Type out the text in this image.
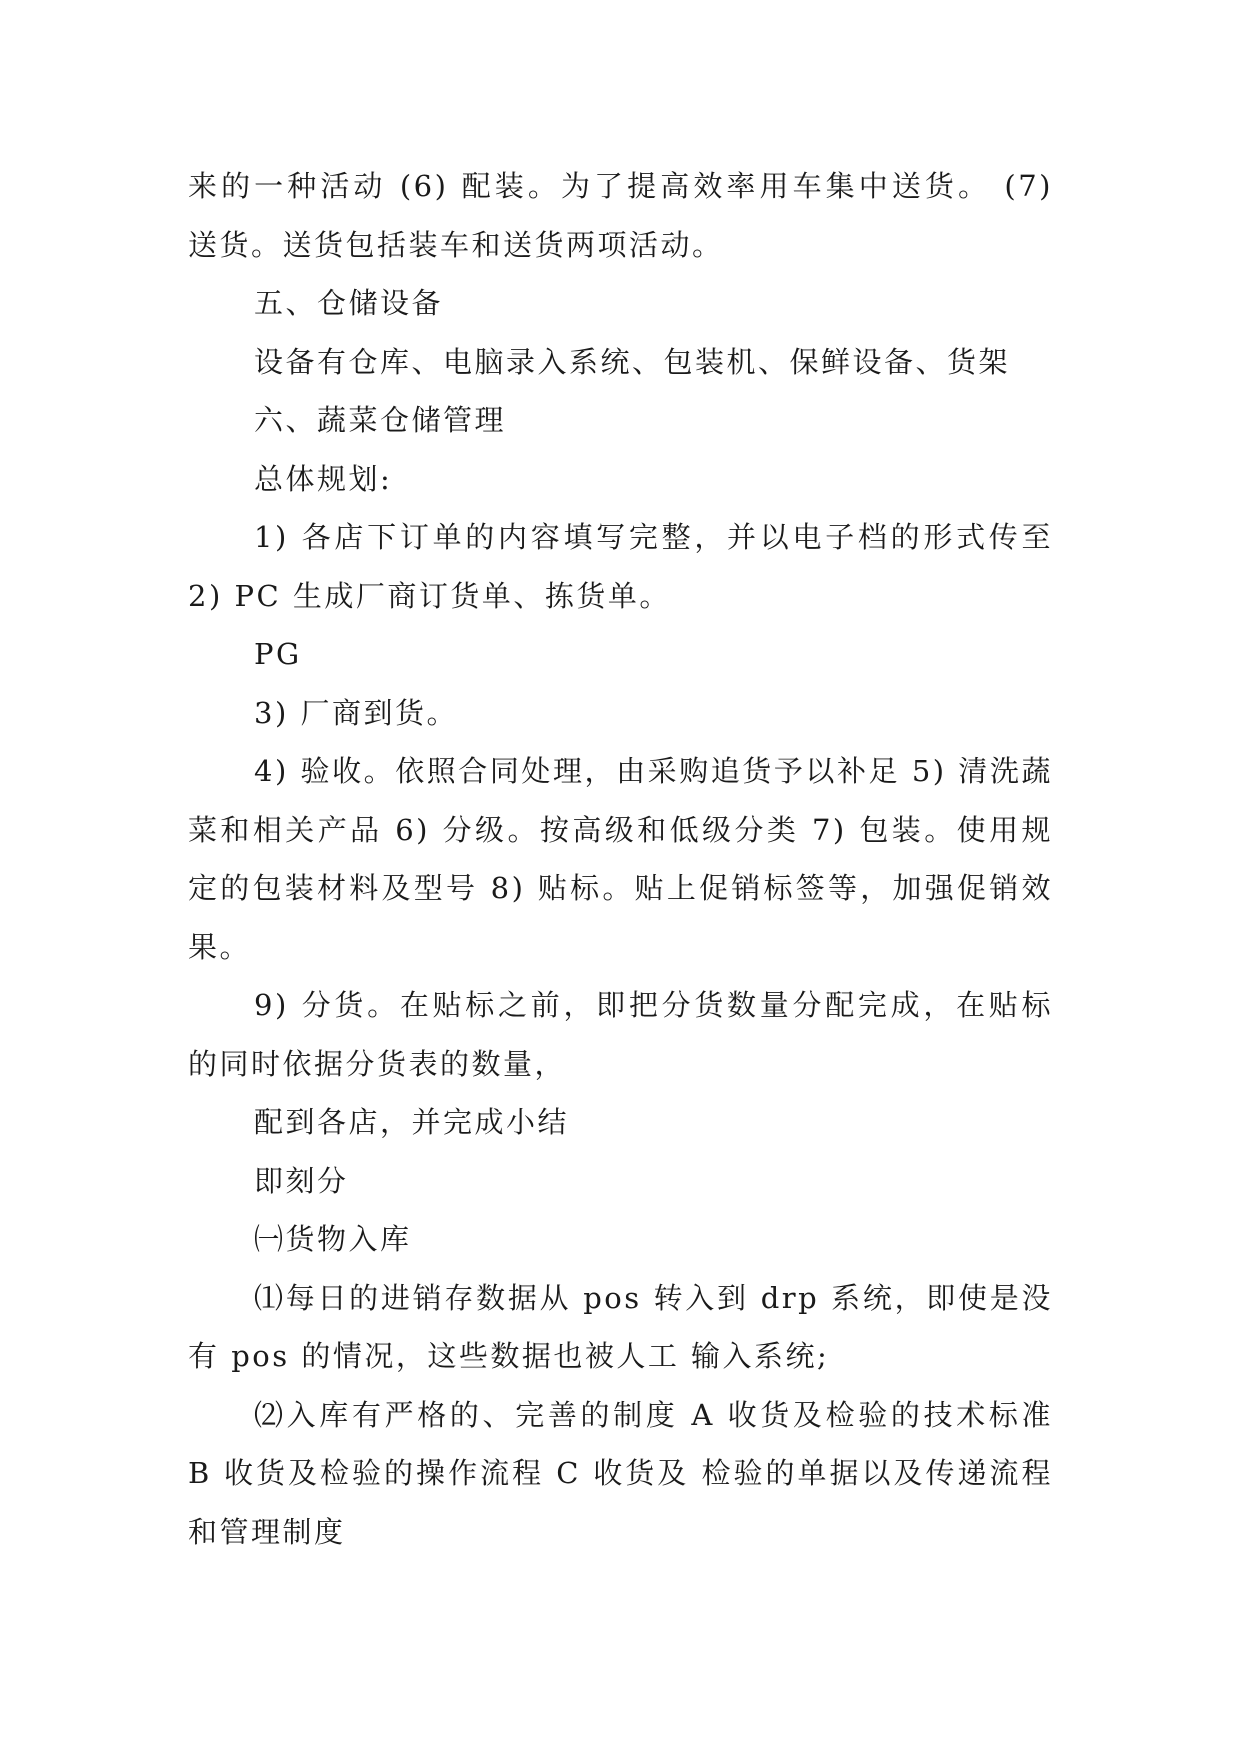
来的一种活动 (6) 配装。为了提高效率用车集中送货。 (7) 送货。送货包括装车和送货两项活动。

五、仓储设备

设备有仓库、电脑录入系统、包装机、保鲜设备、货架

六、蔬菜仓储管理

总体规划:

1) 各店下订单的内容填写完整，并以电子档的形式传至 2) PC 生成厂商订货单、拣货单。

PG

3) 厂商到货。

4) 验收。依照合同处理，由采购追货予以补足 5) 清洗蔬菜和相关产品 6) 分级。按高级和低级分类 7) 包装。使用规定的包装材料及型号 8) 贴标。贴上促销标签等，加强促销效果。

9) 分货。在贴标之前，即把分货数量分配完成，在贴标的同时依据分货表的数量，

配到各店，并完成小结

即刻分

㈠货物入库

⑴每日的进销存数据从 pos 转入到 drp 系统，即使是没有 pos 的情况，这些数据也被人工 输入系统;

⑵入库有严格的、完善的制度 A 收货及检验的技术标准 B 收货及检验的操作流程 C 收货及 检验的单据以及传递流程和管理制度
